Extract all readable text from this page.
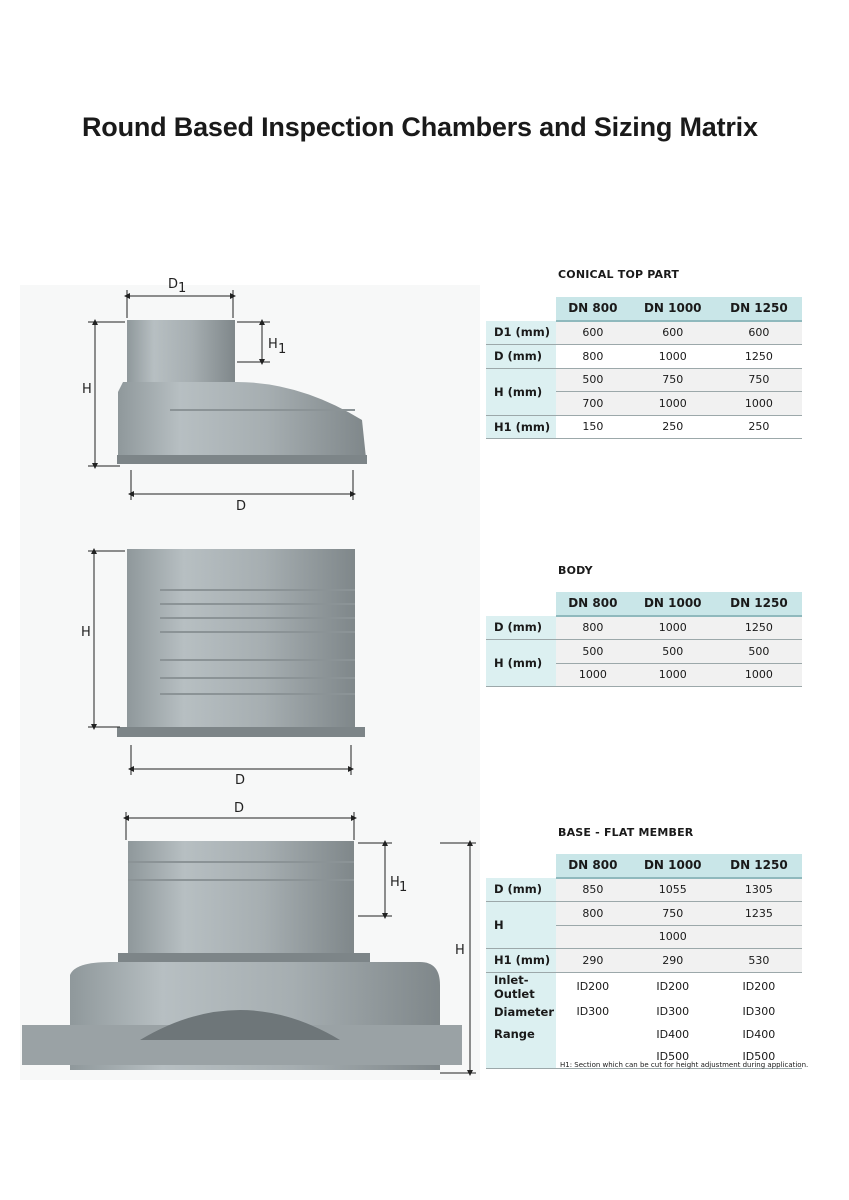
Round Based Inspection Chambers and Sizing Matrix
D 1
H
H 1
D
H
D
D
H 1
H
CONICAL TOP PART
	DN 800	DN 1000	DN 1250
D1 (mm)	600	600	600
D (mm)	800	1000	1250
H (mm)	500	750	750
	700	1000	1000
H1 (mm)	150	250	250
BODY
	DN 800	DN 1000	DN 1250
D (mm)	800	1000	1250
H (mm)	500	500	500
	1000	1000	1000
BASE - FLAT MEMBER
	DN 800	DN 1000	DN 1250
D (mm)	850	1055	1305
H	800	750	1235
		1000	
H1 (mm)	290	290	530
Inlet-Outlet	ID200	ID200	ID200
Diameter	ID300	ID300	ID300
Range		ID400	ID400
		ID500	ID500
H1: Section which can be cut for height adjustment during application.
